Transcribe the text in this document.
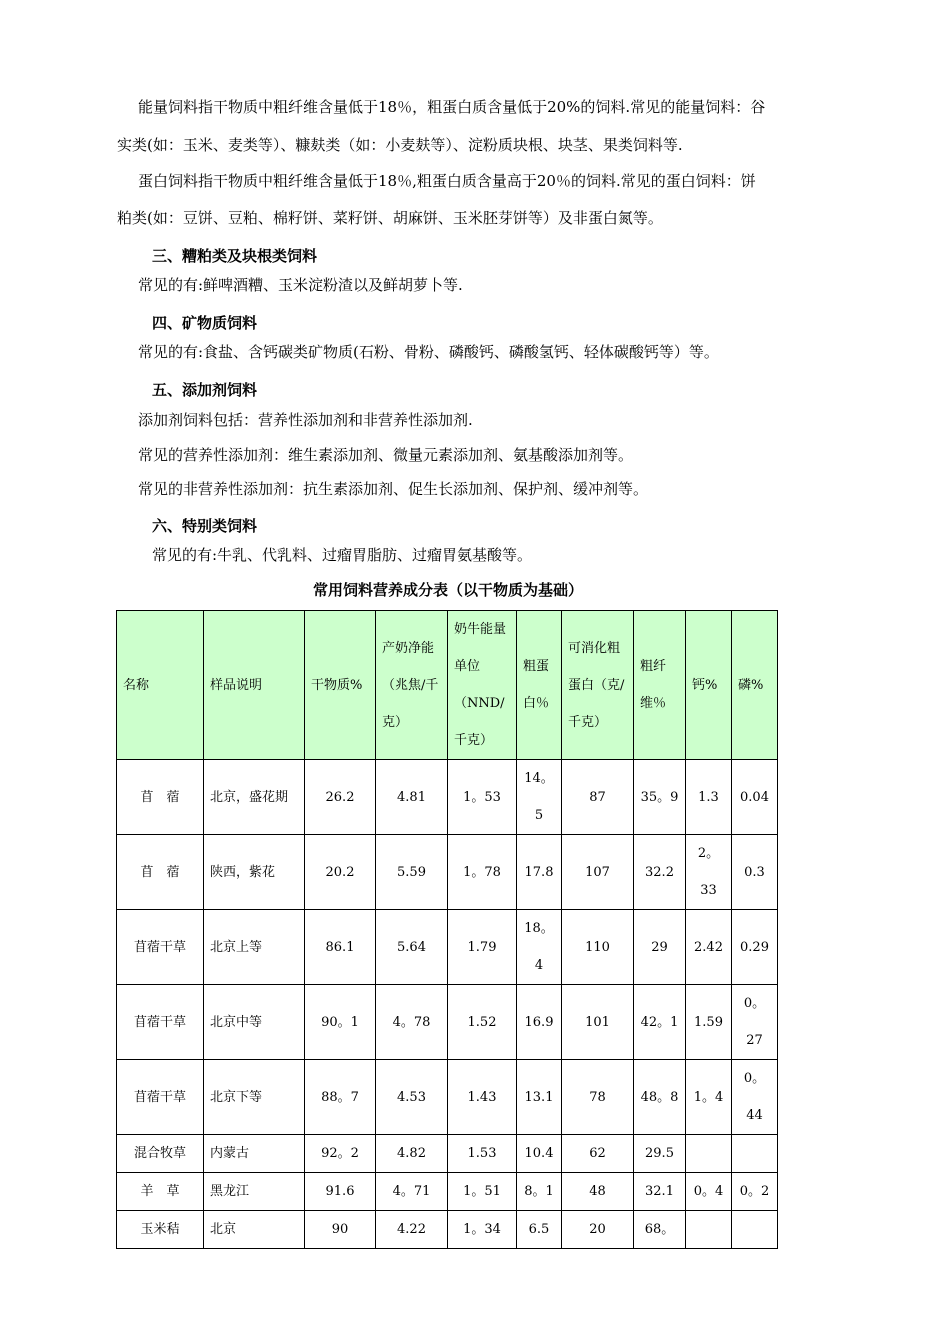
能量饲料指干物质中粗纤维含量低于18％，粗蛋白质含量低于20%的饲料.常见的能量饲料：谷

实类(如：玉米、麦类等）、糠麸类（如：小麦麸等）、淀粉质块根、块茎、果类饲料等.

蛋白饲料指干物质中粗纤维含量低于18％,粗蛋白质含量高于20％的饲料.常见的蛋白饲料：饼

粕类(如：豆饼、豆粕、棉籽饼、菜籽饼、胡麻饼、玉米胚芽饼等）及非蛋白氮等。

三、糟粕类及块根类饲料

常见的有:鲜啤酒糟、玉米淀粉渣以及鲜胡萝卜等.

四、矿物质饲料

常见的有:食盐、含钙碳类矿物质(石粉、骨粉、磷酸钙、磷酸氢钙、轻体碳酸钙等）等。

五、添加剂饲料

添加剂饲料包括：营养性添加剂和非营养性添加剂.

常见的营养性添加剂：维生素添加剂、微量元素添加剂、氨基酸添加剂等。

常见的非营养性添加剂：抗生素添加剂、促生长添加剂、保护剂、缓冲剂等。

六、特别类饲料

常见的有:牛乳、代乳料、过瘤胃脂肪、过瘤胃氨基酸等。

常用饲料营养成分表（以干物质为基础）
名称	样品说明	干物质%	产奶净能（兆焦/千克）	奶牛能量单位（NND/千克）	粗蛋白％	可消化粗蛋白（克/千克）	粗纤维％	钙%	磷%
苜　蓿	北京，盛花期	26.2	4.81	1。53	14。5	87	35。9	1.3	0.04
苜　蓿	陕西，紫花	20.2	5.59	1。78	17.8	107	32.2	2。33	0.3
苜蓿干草	北京上等	86.1	5.64	1.79	18。4	110	29	2.42	0.29
苜蓿干草	北京中等	90。1	4。78	1.52	16.9	101	42。1	1.59	0。27
苜蓿干草	北京下等	88。7	4.53	1.43	13.1	78	48。8	1。4	0。44
混合牧草	内蒙古	92。2	4.82	1.53	10.4	62	29.5		
羊　草	黑龙江	91.6	4。71	1。51	8。1	48	32.1	0。4	0。2
玉米秸	北京	90	4.22	1。34	6.5	20	68。		
